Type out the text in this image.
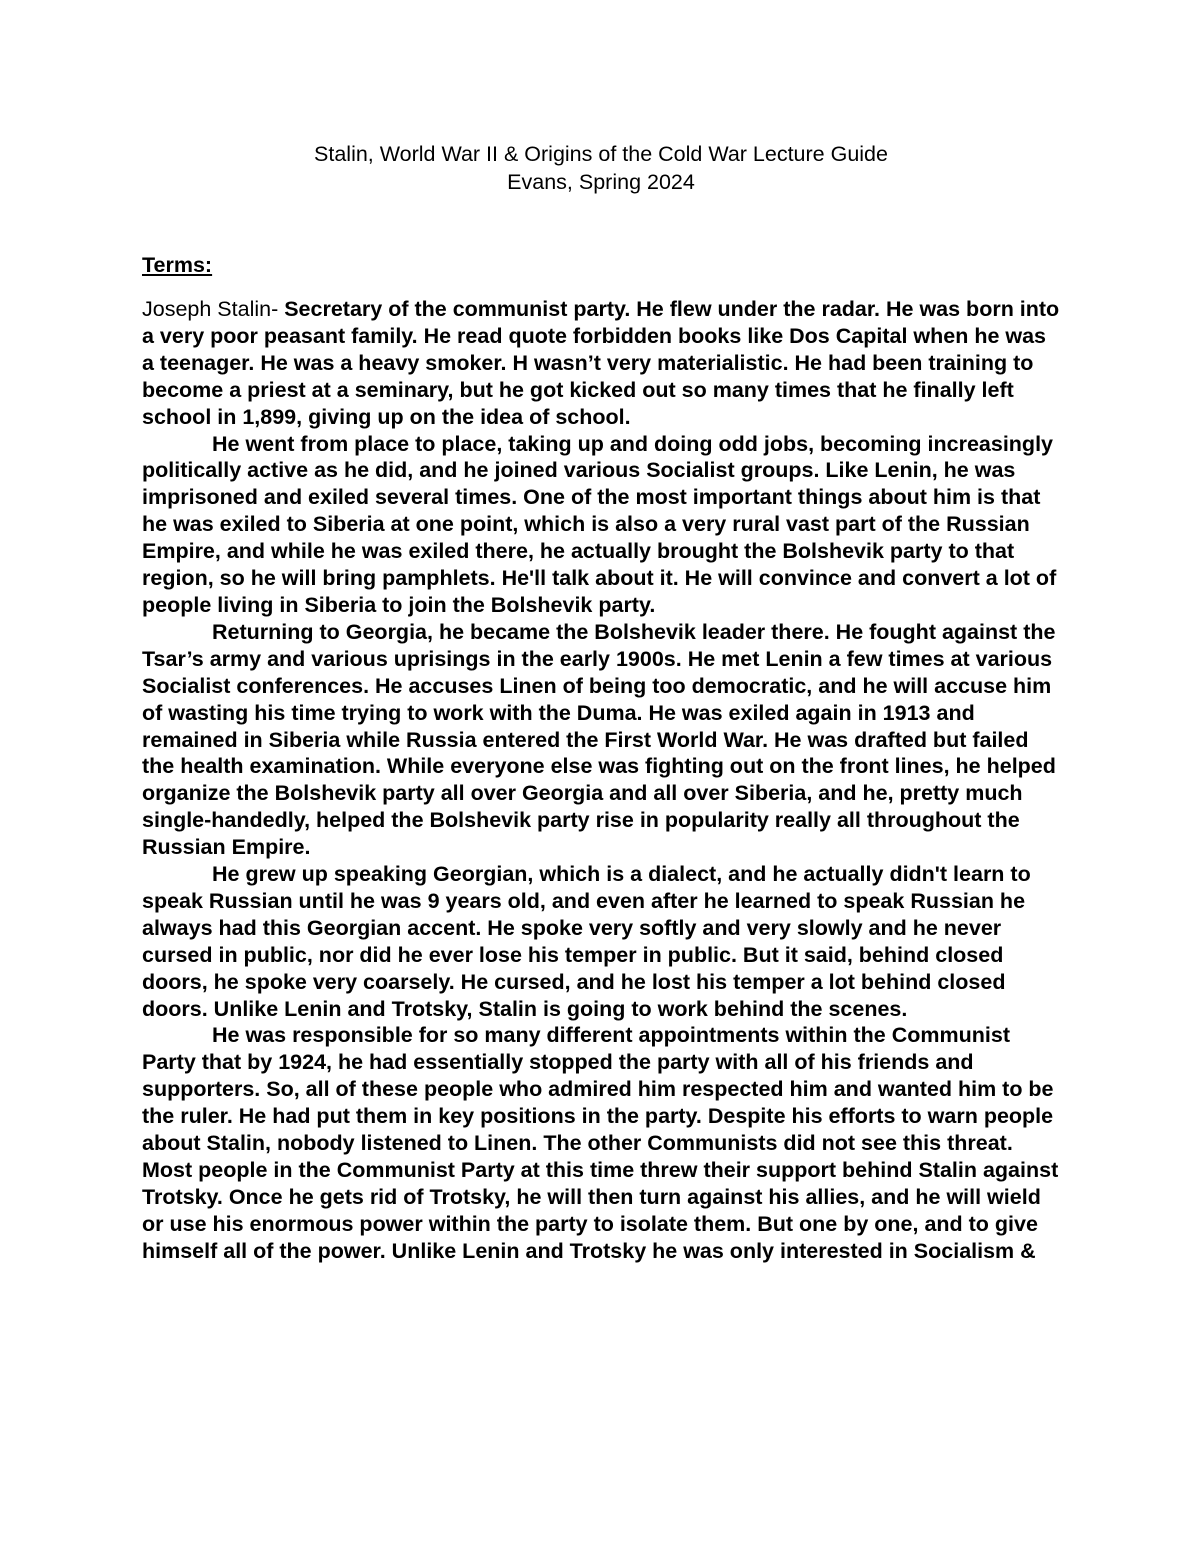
Stalin, World War II & Origins of the Cold War Lecture Guide
Evans, Spring 2024
Terms:

Joseph Stalin- Secretary of the communist party. He flew under the radar. He was born into a very poor peasant family. He read quote forbidden books like Dos Capital when he was a teenager. He was a heavy smoker. H wasn’t very materialistic. He had been training to become a priest at a seminary, but he got kicked out so many times that he finally left school in 1,899, giving up on the idea of school.

He went from place to place, taking up and doing odd jobs, becoming increasingly politically active as he did, and he joined various Socialist groups. Like Lenin, he was imprisoned and exiled several times. One of the most important things about him is that he was exiled to Siberia at one point, which is also a very rural vast part of the Russian Empire, and while he was exiled there, he actually brought the Bolshevik party to that region, so he will bring pamphlets. He'll talk about it. He will convince and convert a lot of people living in Siberia to join the Bolshevik party.

Returning to Georgia, he became the Bolshevik leader there. He fought against the Tsar’s army and various uprisings in the early 1900s. He met Lenin a few times at various Socialist conferences. He accuses Linen of being too democratic, and he will accuse him of wasting his time trying to work with the Duma. He was exiled again in 1913 and remained in Siberia while Russia entered the First World War. He was drafted but failed the health examination. While everyone else was fighting out on the front lines, he helped organize the Bolshevik party all over Georgia and all over Siberia, and he, pretty much single-handedly, helped the Bolshevik party rise in popularity really all throughout the Russian Empire.

He grew up speaking Georgian, which is a dialect, and he actually didn't learn to speak Russian until he was 9 years old, and even after he learned to speak Russian he always had this Georgian accent. He spoke very softly and very slowly and he never cursed in public, nor did he ever lose his temper in public. But it said, behind closed doors, he spoke very coarsely. He cursed, and he lost his temper a lot behind closed doors. Unlike Lenin and Trotsky, Stalin is going to work behind the scenes.

He was responsible for so many different appointments within the Communist Party that by 1924, he had essentially stopped the party with all of his friends and supporters. So, all of these people who admired him respected him and wanted him to be the ruler. He had put them in key positions in the party. Despite his efforts to warn people about Stalin, nobody listened to Linen. The other Communists did not see this threat. Most people in the Communist Party at this time threw their support behind Stalin against Trotsky. Once he gets rid of Trotsky, he will then turn against his allies, and he will wield or use his enormous power within the party to isolate them. But one by one, and to give himself all of the power. Unlike Lenin and Trotsky he was only interested in Socialism &
